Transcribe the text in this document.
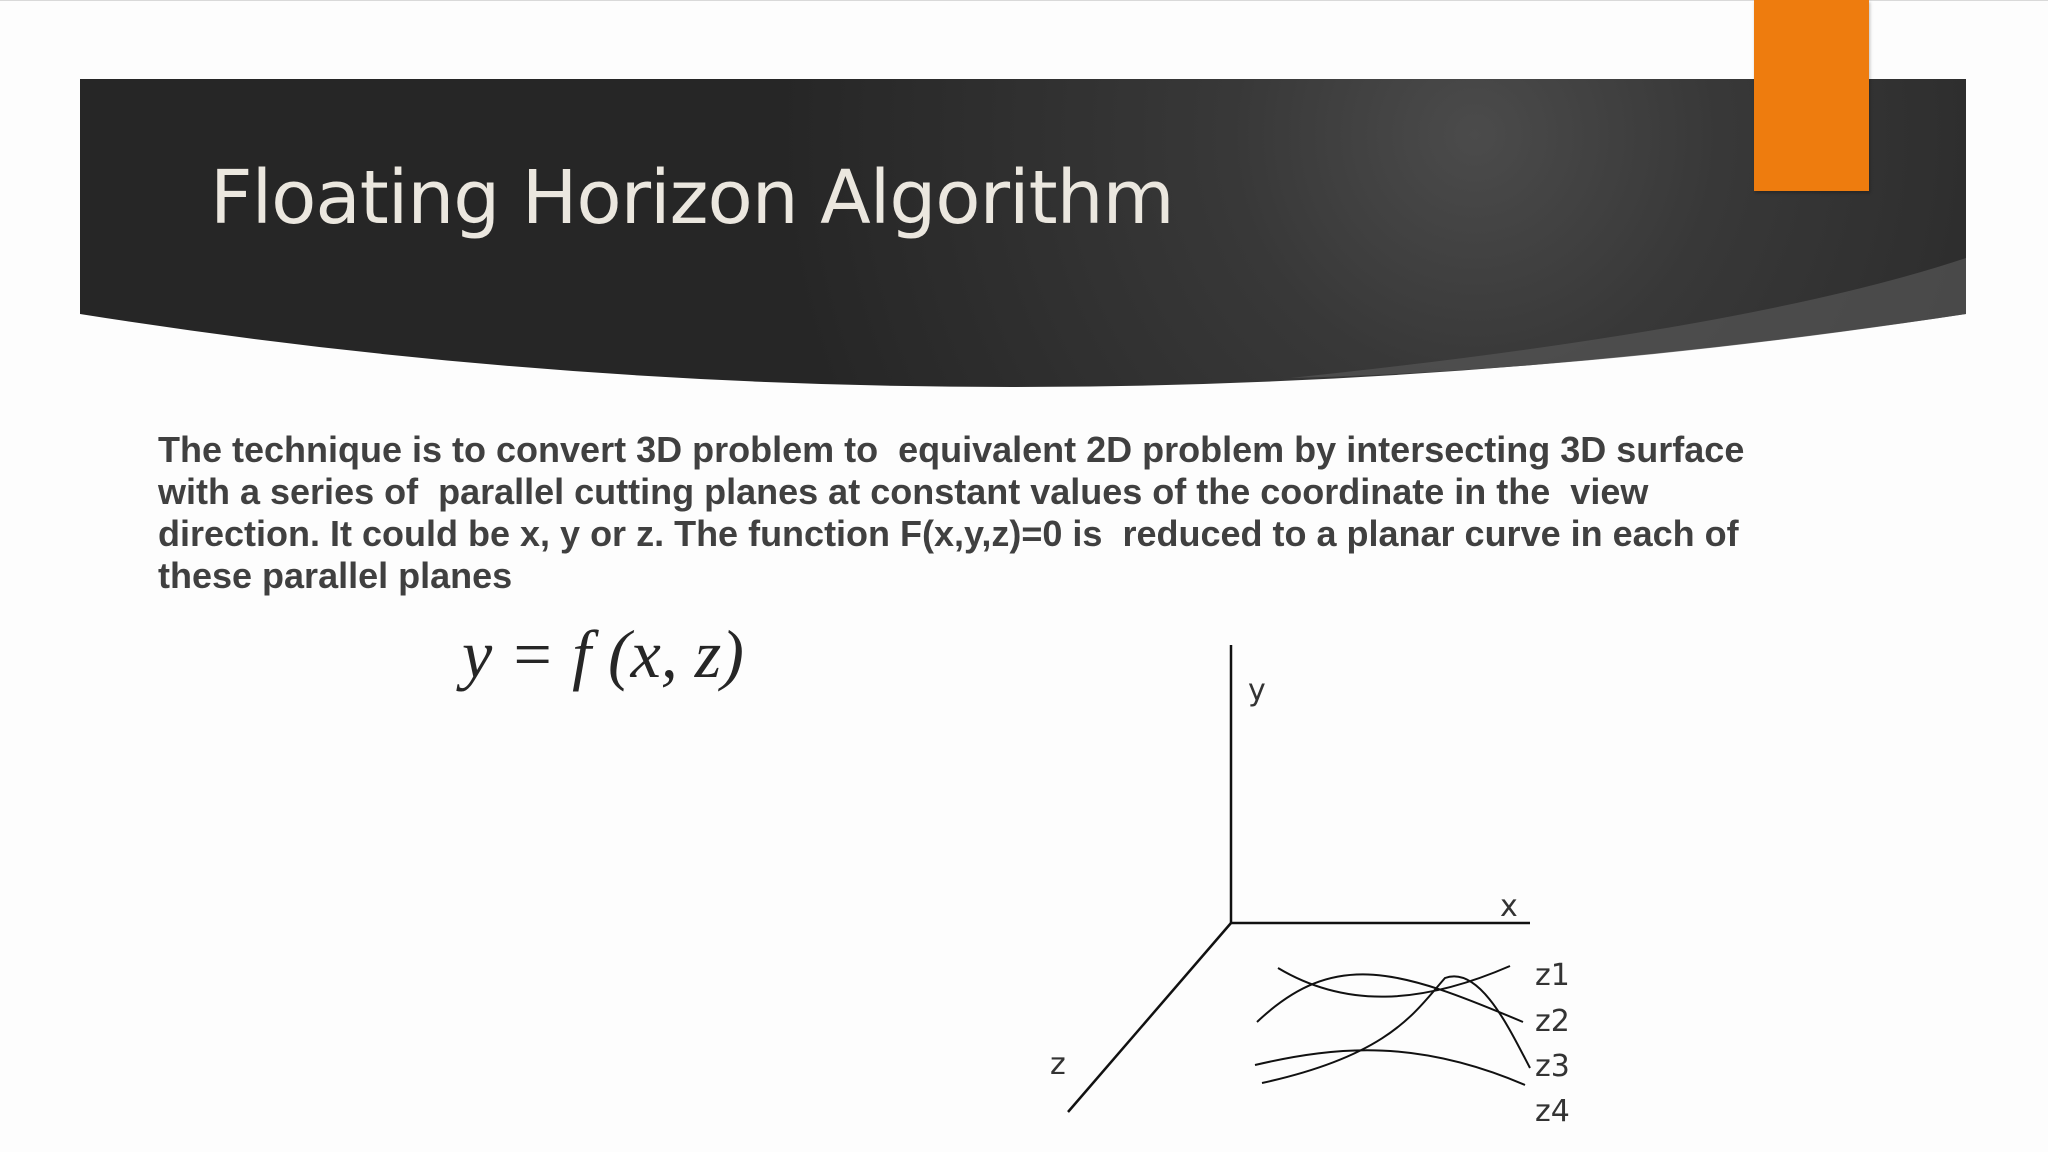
Floating Horizon Algorithm
The technique is to convert 3D problem to  equivalent 2D problem by intersecting 3D surface
with a series of  parallel cutting planes at constant values of the coordinate in the  view
direction. It could be x, y or z. The function F(x,y,z)=0 is  reduced to a planar curve in each of
these parallel planes
y = f (x, z)	y
x
z
z1
z2
z3
z4
